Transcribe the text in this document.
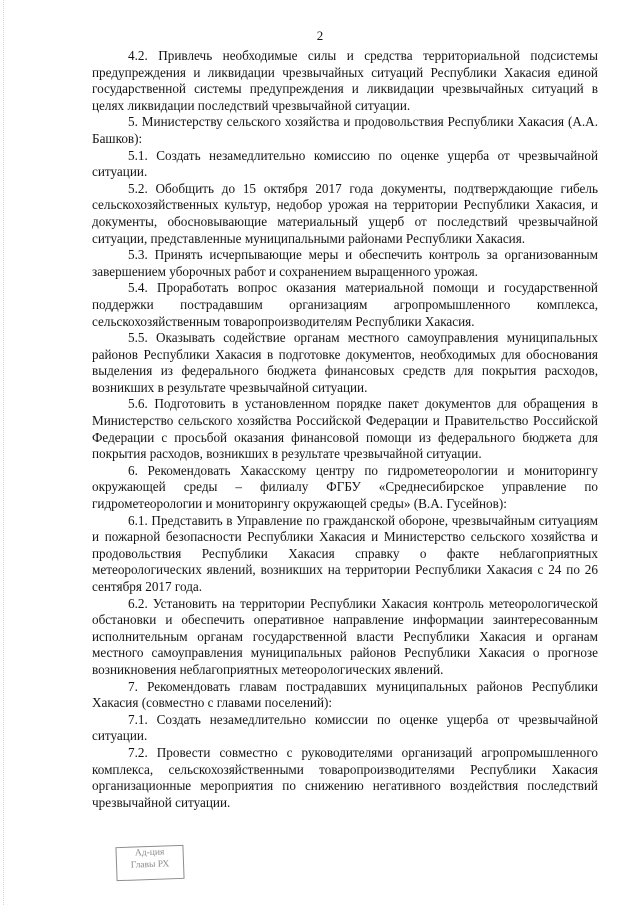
2

4.2. Привлечь необходимые силы и средства территориальной подсистемы предупреждения и ликвидации чрезвычайных ситуаций Республики Хакасия единой государственной системы предупреждения и ликвидации чрезвычайных ситуаций в целях ликвидации последствий чрезвычайной ситуации.

5. Министерству сельского хозяйства и продовольствия Республики Хакасия (А.А. Башков):

5.1. Создать незамедлительно комиссию по оценке ущерба от чрезвычайной ситуации.

5.2. Обобщить до 15 октября 2017 года документы, подтверждающие гибель сельскохозяйственных культур, недобор урожая на территории Республики Хакасия, и документы, обосновывающие материальный ущерб от последствий чрезвычайной ситуации, представленные муниципальными районами Республики Хакасия.

5.3. Принять исчерпывающие меры и обеспечить контроль за организованным завершением уборочных работ и сохранением выращенного урожая.

5.4. Проработать вопрос оказания материальной помощи и государственной поддержки пострадавшим организациям агропромышленного комплекса, сельскохозяйственным товаропроизводителям Республики Хакасия.

5.5. Оказывать содействие органам местного самоуправления муниципальных районов Республики Хакасия в подготовке документов, необходимых для обоснования выделения из федерального бюджета финансовых средств для покрытия расходов, возникших в результате чрезвычайной ситуации.

5.6. Подготовить в установленном порядке пакет документов для обращения в Министерство сельского хозяйства Российской Федерации и Правительство Российской Федерации с просьбой оказания финансовой помощи из федерального бюджета для покрытия расходов, возникших в результате чрезвычайной ситуации.

6. Рекомендовать Хакасскому центру по гидрометеорологии и мониторингу окружающей среды – филиалу ФГБУ «Среднесибирское управление по гидрометеорологии и мониторингу окружающей среды» (В.А. Гусейнов):

6.1. Представить в Управление по гражданской обороне, чрезвычайным ситуациям и пожарной безопасности Республики Хакасия и Министерство сельского хозяйства и продовольствия Республики Хакасия справку о факте неблагоприятных метеорологических явлений, возникших на территории Республики Хакасия с 24 по 26 сентября 2017 года.

6.2. Установить на территории Республики Хакасия контроль метеорологической обстановки и обеспечить оперативное направление информации заинтересованным исполнительным органам государственной власти Республики Хакасия и органам местного самоуправления муниципальных районов Республики Хакасия о прогнозе возникновения неблагоприятных метеорологических явлений.

7. Рекомендовать главам пострадавших муниципальных районов Республики Хакасия (совместно с главами поселений):

7.1. Создать незамедлительно комиссии по оценке ущерба от чрезвычайной ситуации.

7.2. Провести совместно с руководителями организаций агропромышленного комплекса, сельскохозяйственными товаропроизводителями Республики Хакасия организационные мероприятия по снижению негативного воздействия последствий чрезвычайной ситуации.

Ад-ция
Главы РХ
